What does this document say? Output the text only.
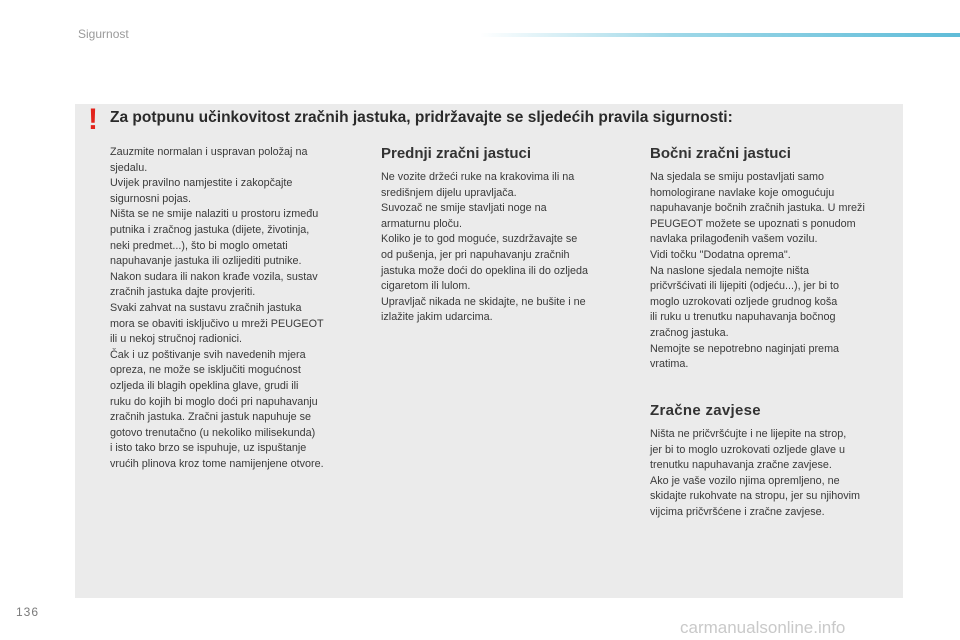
Sigurnost
! Za potpunu učinkovitost zračnih jastuka, pridržavajte se sljedećih pravila sigurnosti:
Zauzmite normalan i uspravan položaj na
sjedalu.
Uvijek pravilno namjestite i zakopčajte
sigurnosni pojas.
Ništa se ne smije nalaziti u prostoru između
putnika i zračnog jastuka (dijete, životinja,
neki predmet...), što bi moglo ometati
napuhavanje jastuka ili ozlijediti putnike.
Nakon sudara ili nakon krađe vozila, sustav
zračnih jastuka dajte provjeriti.
Svaki zahvat na sustavu zračnih jastuka
mora se obaviti isključivo u mreži PEUGEOT
ili u nekoj stručnoj radionici.
Čak i uz poštivanje svih navedenih mjera
opreza, ne može se isključiti mogućnost
ozljeda ili blagih opeklina glave, grudi ili
ruku do kojih bi moglo doći pri napuhavanju
zračnih jastuka. Zračni jastuk napuhuje se
gotovo trenutačno (u nekoliko milisekunda)
i isto tako brzo se ispuhuje, uz ispuštanje
vrućih plinova kroz tome namijenjene otvore.
Prednji zračni jastuci
Ne vozite držeći ruke na krakovima ili na
središnjem dijelu upravljača.
Suvozač ne smije stavljati noge na
armaturnu ploču.
Koliko je to god moguće, suzdržavajte se
od pušenja, jer pri napuhavanju zračnih
jastuka može doći do opeklina ili do ozljeda
cigaretom ili lulom.
Upravljač nikada ne skidajte, ne bušite i ne
izlažite jakim udarcima.
Bočni zračni jastuci
Na sjedala se smiju postavljati samo
homologirane navlake koje omogućuju
napuhavanje bočnih zračnih jastuka. U mreži
PEUGEOT možete se upoznati s ponudom
navlaka prilagođenih vašem vozilu.
Vidi točku "Dodatna oprema".
Na naslone sjedala nemojte ništa
pričvršćivati ili lijepiti (odjeću...), jer bi to
moglo uzrokovati ozljede grudnog koša
ili ruku u trenutku napuhavanja bočnog
zračnog jastuka.
Nemojte se nepotrebno naginjati prema
vratima.
Zračne zavjese
Ništa ne pričvršćujte i ne lijepite na strop,
jer bi to moglo uzrokovati ozljede glave u
trenutku napuhavanja zračne zavjese.
Ako je vaše vozilo njima opremljeno, ne
skidajte rukohvate na stropu, jer su njihovim
vijcima pričvršćene i zračne zavjese.
136
carmanualsonline.info
